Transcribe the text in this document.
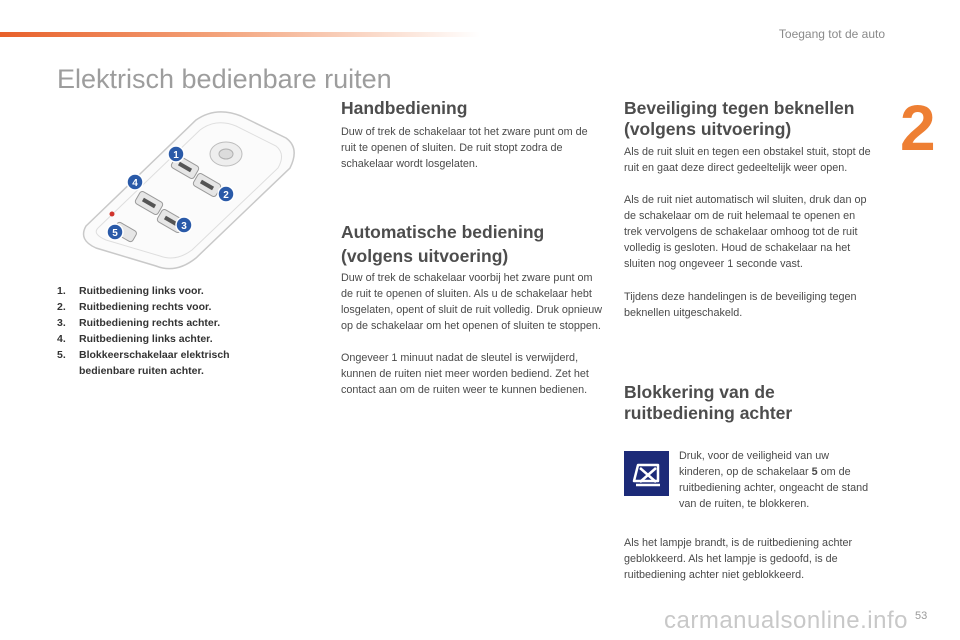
Toegang tot de auto
2
Elektrisch bedienbare ruiten
1
2
3
4
5
1.	Ruitbediening links voor.
2.	Ruitbediening rechts voor.
3.	Ruitbediening rechts achter.
4.	Ruitbediening links achter.
5.	Blokkeerschakelaar elektrisch bedienbare ruiten achter.
Handbediening

Duw of trek de schakelaar tot het zware punt om de ruit te openen of sluiten. De ruit stopt zodra de schakelaar wordt losgelaten.

Automatische bediening
(volgens uitvoering)

Duw of trek de schakelaar voorbij het zware punt om de ruit te openen of sluiten. Als u de schakelaar hebt losgelaten, opent of sluit de ruit volledig. Druk opnieuw op de schakelaar om het openen of sluiten te stoppen.

Ongeveer 1 minuut nadat de sleutel is verwijderd, kunnen de ruiten niet meer worden bediend. Zet het contact aan om de ruiten weer te kunnen bedienen.

Beveiliging tegen beknellen
(volgens uitvoering)

Als de ruit sluit en tegen een obstakel stuit, stopt de ruit en gaat deze direct gedeeltelijk weer open.

Als de ruit niet automatisch wil sluiten, druk dan op de schakelaar om de ruit helemaal te openen en trek vervolgens de schakelaar omhoog tot de ruit volledig is gesloten. Houd de schakelaar na het sluiten nog ongeveer 1 seconde vast.

Tijdens deze handelingen is de beveiliging tegen beknellen uitgeschakeld.

Blokkering van de
ruitbediening achter

Druk, voor de veiligheid van uw kinderen, op de schakelaar 5 om de ruitbediening achter, ongeacht de stand van de ruiten, te blokkeren.

Als het lampje brandt, is de ruitbediening achter geblokkeerd. Als het lampje is gedoofd, is de ruitbediening achter niet geblokkeerd.

carmanualsonline.info 53
